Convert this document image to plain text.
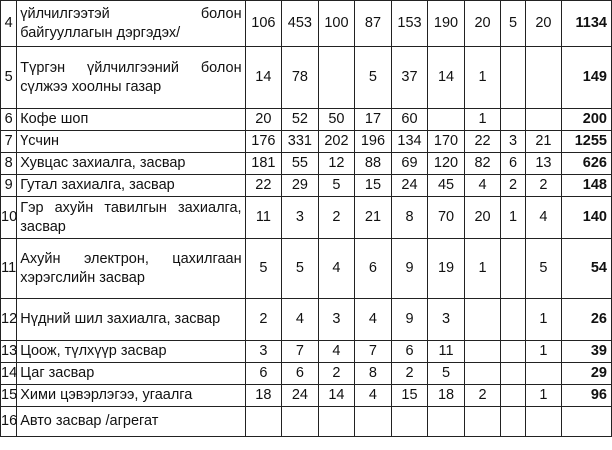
4	үйлчилгээтэй болон байгууллагын дэргэдэх/	106	453	100	87	153	190	20	5	20	1134
5	Түргэн үйлчилгээний болон сүлжээ хоолны газар	14	78		5	37	14	1			149
6	Кофе шоп	20	52	50	17	60		1			200
7	Үсчин	176	331	202	196	134	170	22	3	21	1255
8	Хувцас захиалга, засвар	181	55	12	88	69	120	82	6	13	626
9	Гутал захиалга, засвар	22	29	5	15	24	45	4	2	2	148
10	Гэр ахуйн тавилгын захиалга, засвар	11	3	2	21	8	70	20	1	4	140
11	Ахуйн электрон, цахилгаан хэрэгслийн засвар	5	5	4	6	9	19	1		5	54
12	Нүдний шил захиалга, засвар	2	4	3	4	9	3			1	26
13	Цоож, түлхүүр засвар	3	7	4	7	6	11			1	39
14	Цаг засвар	6	6	2	8	2	5				29
15	Хими цэвэрлэгээ, угаалга	18	24	14	4	15	18	2		1	96
16	Авто засвар /агрегат										
